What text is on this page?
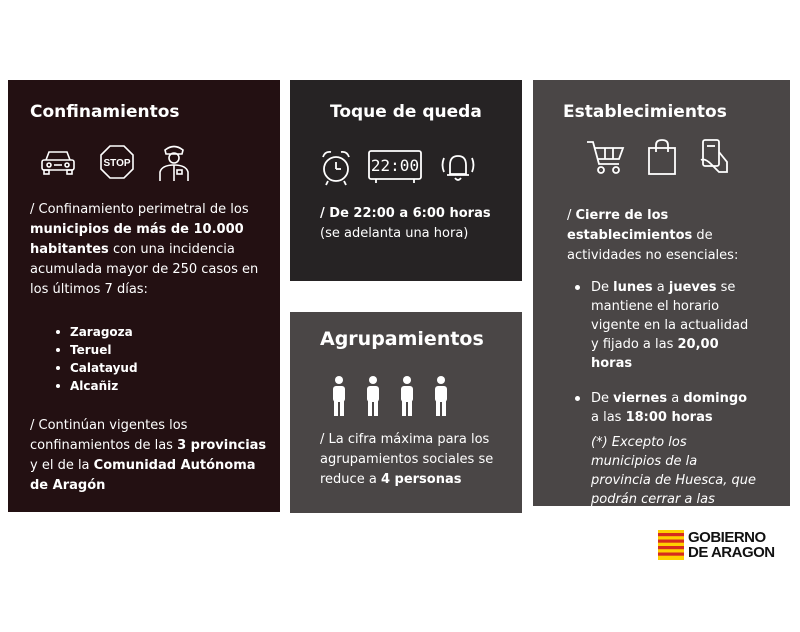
Confinamientos
STOP

/ Confinamiento perimetral de los municipios de más de 10.000 habitantes con una incidencia acumulada mayor de 250 casos en los últimos 7 días:

Zaragoza
Teruel
Calatayud
Alcañiz

/ Continúan vigentes los confinamientos de las 3 provincias y el de la Comunidad Autónoma de Aragón

Toque de queda
22:00

/ De 22:00 a 6:00 horas
(se adelanta una hora)

Agrupamientos

/ La cifra máxima para los agrupamientos sociales se reduce a 4 personas

Establecimientos

/ Cierre de los establecimientos de actividades no esenciales:

De lunes a jueves se mantiene el horario vigente en la actualidad y fijado a las 20,00 horas
De viernes a domingo a las 18:00 horas
(*) Excepto los municipios de la provincia de Huesca, que podrán cerrar a las 20.00h)
GOBIERNO
DE ARAGON
